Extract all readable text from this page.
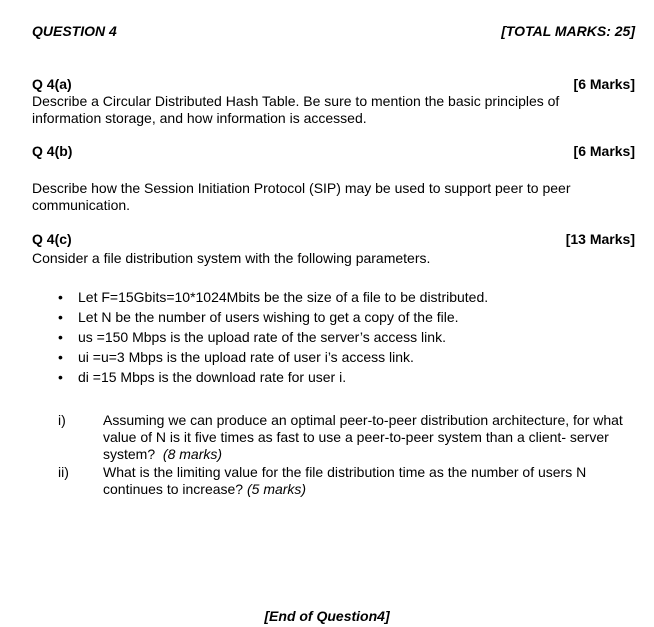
QUESTION 4	[TOTAL MARKS: 25]
Q 4(a)	[6 Marks]
Describe a Circular Distributed Hash Table. Be sure to mention the basic principles of information storage, and how information is accessed.
Q 4(b)	[6 Marks]
Describe how the Session Initiation Protocol (SIP) may be used to support peer to peer communication.
Q 4(c)	[13 Marks]
Consider a file distribution system with the following parameters.
• Let F=15Gbits=10*1024Mbits be the size of a file to be distributed.
• Let N be the number of users wishing to get a copy of the file.
• us =150 Mbps is the upload rate of the server’s access link.
• ui =u=3 Mbps is the upload rate of user i’s access link.
• di =15 Mbps is the download rate for user i.
i)	Assuming we can produce an optimal peer-to-peer distribution architecture, for what value of N is it five times as fast to use a peer-to-peer system than a client- server system? (8 marks)
ii) What is the limiting value for the file distribution time as the number of users N continues to increase? (5 marks)
[End of Question4]
